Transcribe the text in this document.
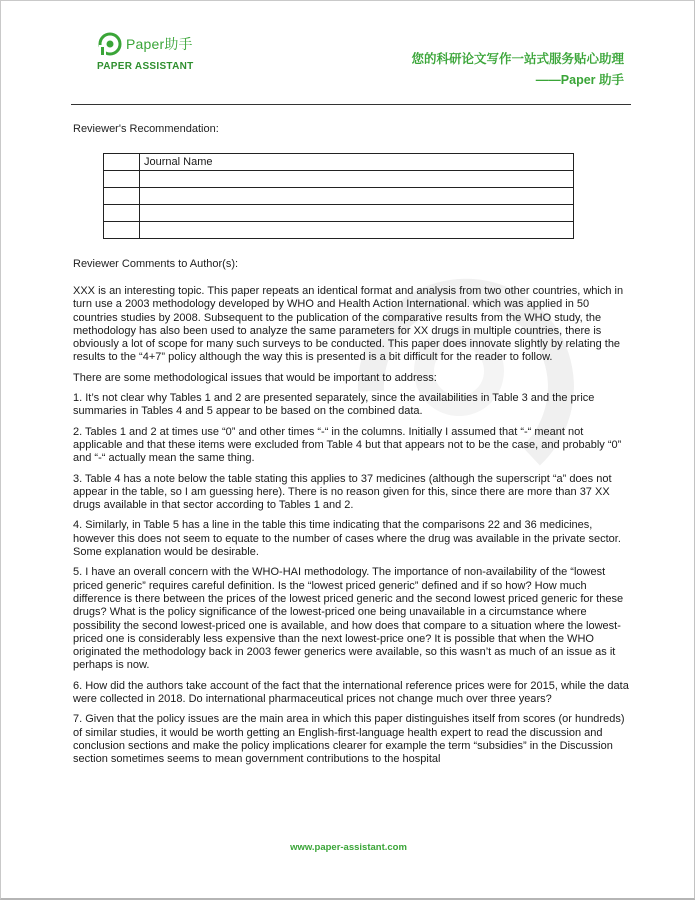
Paper助手
PAPER ASSISTANT
您的科研论文写作一站式服务贴心助理
——Paper 助手
Reviewer's Recommendation:
	Journal Name

Reviewer Comments to Author(s):

XXX is an interesting topic. This paper repeats an identical format and analysis from two other countries, which in turn use a 2003 methodology developed by WHO and Health Action International. which was applied in 50 countries studies by 2008. Subsequent to the publication of the comparative results from the WHO study, the methodology has also been used to analyze the same parameters for XX drugs in multiple countries, there is obviously a lot of scope for many such surveys to be conducted. This paper does innovate slightly by relating the results to the “4+7” policy although the way this is presented is a bit difficult for the reader to follow.

There are some methodological issues that would be important to address:

1. It’s not clear why Tables 1 and 2 are presented separately, since the availabilities in Table 3 and the price summaries in Tables 4 and 5 appear to be based on the combined data.

2. Tables 1 and 2 at times use “0” and other times “-“ in the columns. Initially I assumed that “-“ meant not applicable and that these items were excluded from Table 4 but that appears not to be the case, and probably “0” and “-“ actually mean the same thing.

3. Table 4 has a note below the table stating this applies to 37 medicines (although the superscript “a” does not appear in the table, so I am guessing here). There is no reason given for this, since there are more than 37 XX drugs available in that sector according to Tables 1 and 2.

4. Similarly, in Table 5 has a line in the table this time indicating that the comparisons 22 and 36 medicines, however this does not seem to equate to the number of cases where the drug was available in the private sector. Some explanation would be desirable.

5. I have an overall concern with the WHO-HAI methodology. The importance of non-availability of the “lowest priced generic” requires careful definition. Is the “lowest priced generic” defined and if so how? How much difference is there between the prices of the lowest priced generic and the second lowest priced generic for these drugs? What is the policy significance of the lowest-priced one being unavailable in a circumstance where possibility the second lowest-priced one is available, and how does that compare to a situation where the lowest-priced one is considerably less expensive than the next lowest-price one? It is possible that when the WHO originated the methodology back in 2003 fewer generics were available, so this wasn’t as much of an issue as it perhaps is now.

6. How did the authors take account of the fact that the international reference prices were for 2015, while the data were collected in 2018. Do international pharmaceutical prices not change much over three years?

7. Given that the policy issues are the main area in which this paper distinguishes itself from scores (or hundreds) of similar studies, it would be worth getting an English-first-language health expert to read the discussion and conclusion sections and make the policy implications clearer for example the term “subsidies” in the Discussion section sometimes seems to mean government contributions to the hospital

www.paper-assistant.com
